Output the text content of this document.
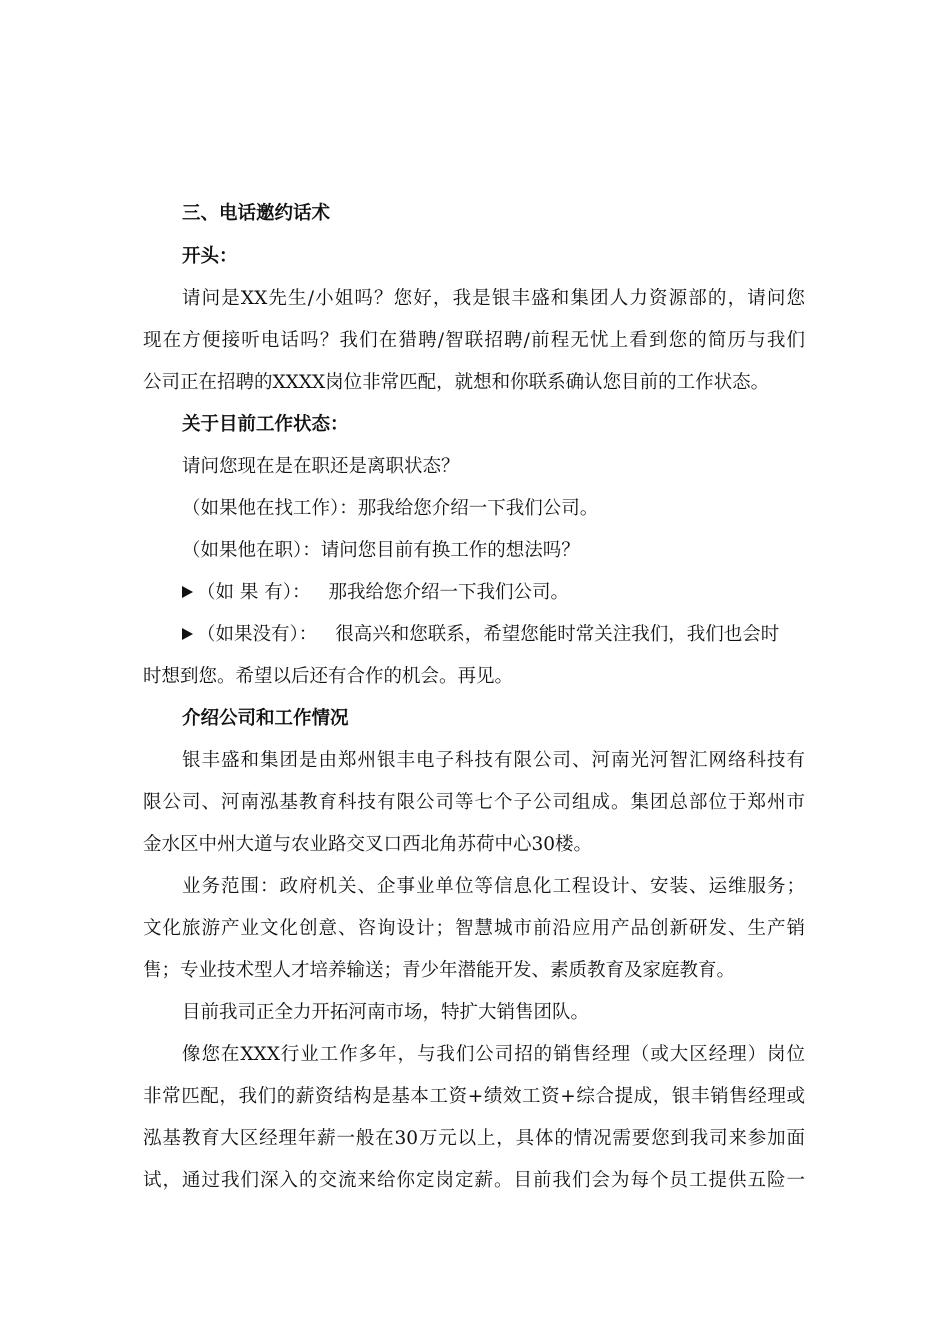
三、电话邀约话术
开头：
请问是XX先生/小姐吗？您好，我是银丰盛和集团人力资源部的，请问您
现在方便接听电话吗？我们在猎聘/智联招聘/前程无忧上看到您的简历与我们
公司正在招聘的XXXX岗位非常匹配，就想和你联系确认您目前的工作状态。
关于目前工作状态：
请问您现在是在职还是离职状态？
（如果他在找工作）：那我给您介绍一下我们公司。
（如果他在职）：请问您目前有换工作的想法吗？
（如 果 有）： 那我给您介绍一下我们公司。
（如果没有）： 很高兴和您联系，希望您能时常关注我们，我们也会时
时想到您。希望以后还有合作的机会。再见。
介绍公司和工作情况
银丰盛和集团是由郑州银丰电子科技有限公司、河南光河智汇网络科技有
限公司、河南泓基教育科技有限公司等七个子公司组成。集团总部位于郑州市
金水区中州大道与农业路交叉口西北角苏荷中心30楼。
业务范围：政府机关、企事业单位等信息化工程设计、安装、运维服务；
文化旅游产业文化创意、咨询设计；智慧城市前沿应用产品创新研发、生产销
售；专业技术型人才培养输送；青少年潜能开发、素质教育及家庭教育。
目前我司正全力开拓河南市场，特扩大销售团队。
像您在XXX行业工作多年，与我们公司招的销售经理（或大区经理）岗位
非常匹配，我们的薪资结构是基本工资+绩效工资+综合提成，银丰销售经理或
泓基教育大区经理年薪一般在30万元以上，具体的情况需要您到我司来参加面
试，通过我们深入的交流来给你定岗定薪。目前我们会为每个员工提供五险一
